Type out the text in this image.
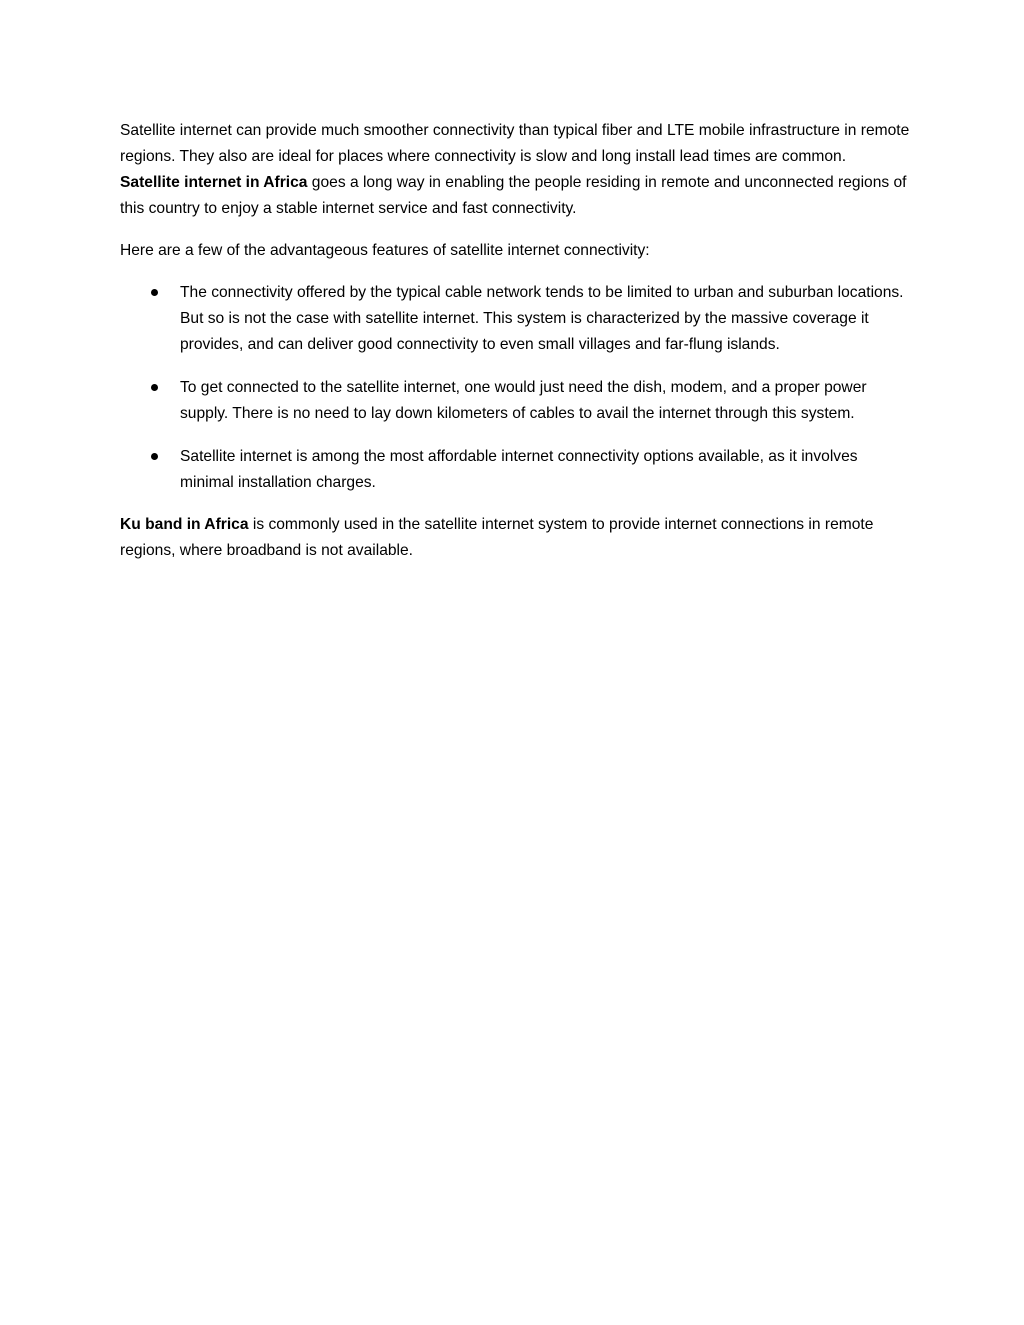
Satellite internet can provide much smoother connectivity than typical fiber and LTE mobile infrastructure in remote regions. They also are ideal for places where connectivity is slow and long install lead times are common. Satellite internet in Africa goes a long way in enabling the people residing in remote and unconnected regions of this country to enjoy a stable internet service and fast connectivity.

Here are a few of the advantageous features of satellite internet connectivity:

The connectivity offered by the typical cable network tends to be limited to urban and suburban locations. But so is not the case with satellite internet. This system is characterized by the massive coverage it provides, and can deliver good connectivity to even small villages and far-flung islands.
To get connected to the satellite internet, one would just need the dish, modem, and a proper power supply. There is no need to lay down kilometers of cables to avail the internet through this system.
Satellite internet is among the most affordable internet connectivity options available, as it involves minimal installation charges.

Ku band in Africa is commonly used in the satellite internet system to provide internet connections in remote regions, where broadband is not available.
